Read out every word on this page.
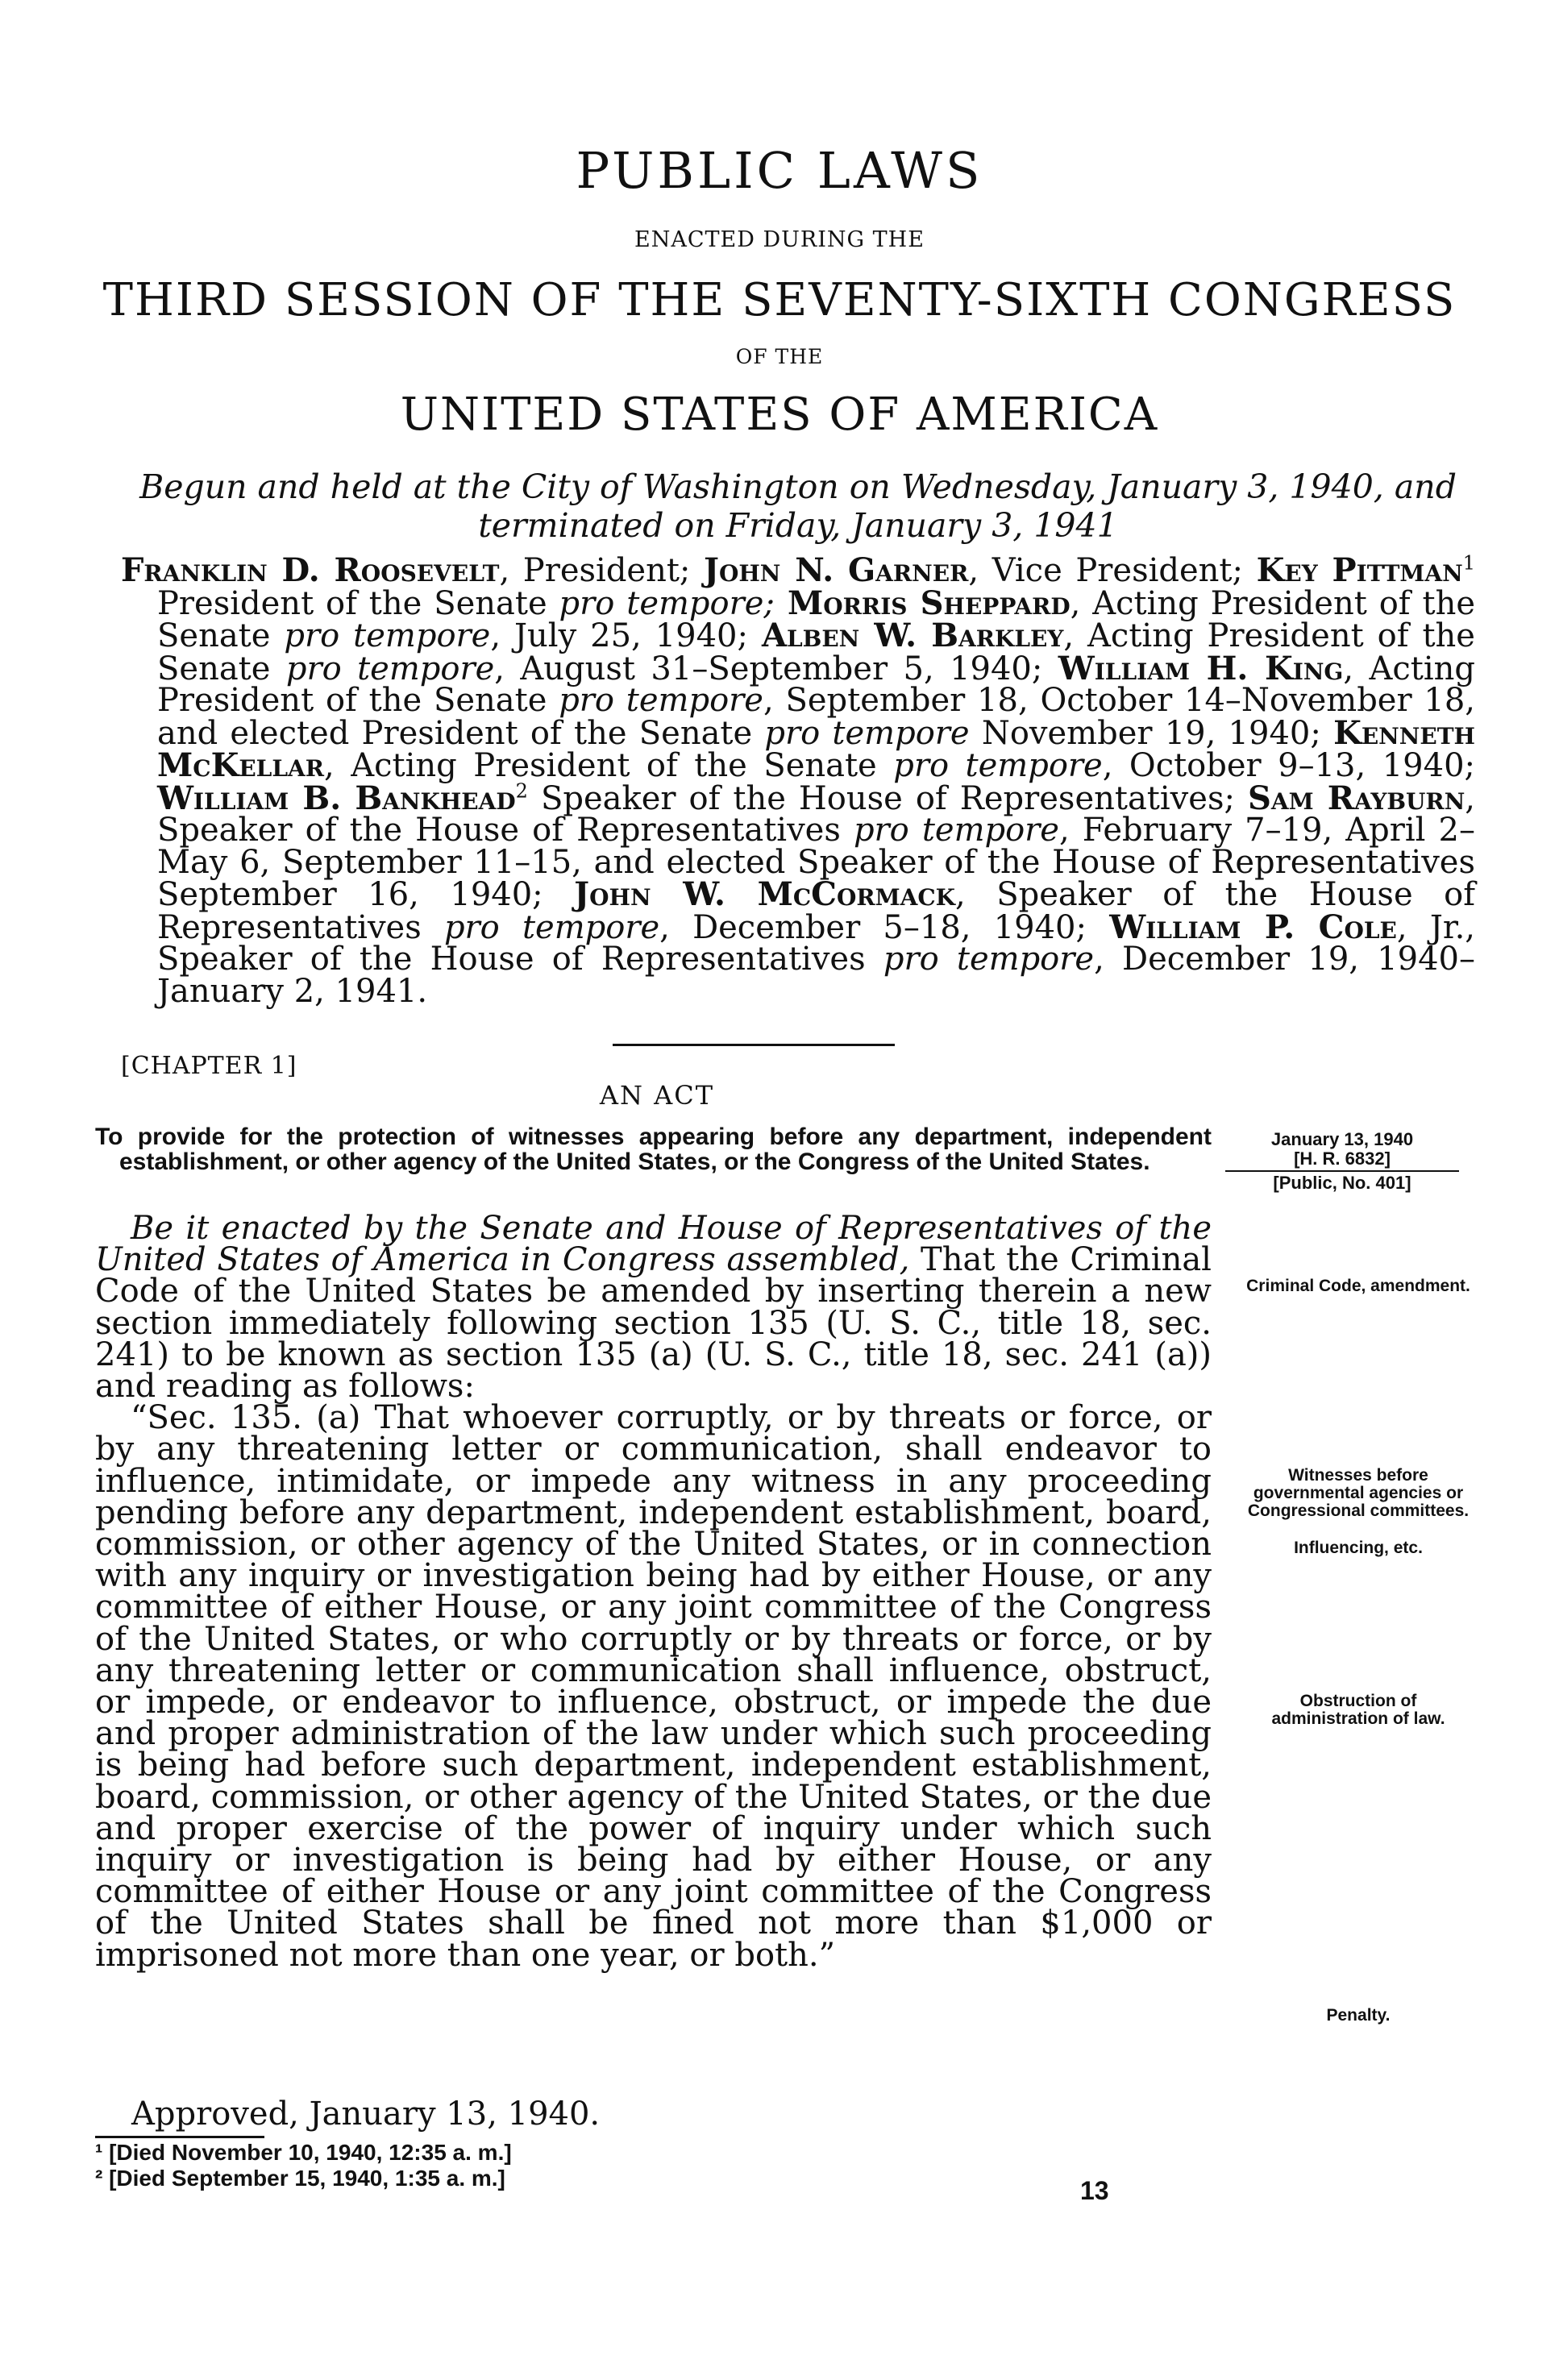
PUBLIC LAWS
ENACTED DURING THE
THIRD SESSION OF THE SEVENTY-SIXTH CONGRESS
OF THE
UNITED STATES OF AMERICA
Begun and held at the City of Washington on Wednesday, January 3, 1940, and terminated on Friday, January 3, 1941
Franklin D. Roosevelt, President; John N. Garner, Vice President; Key Pittman$^1$ President of the Senate pro tempore; Morris Sheppard, Acting President of the Senate pro tempore, July 25, 1940; Alben W. Barkley, Acting President of the Senate pro tempore, August 31–September 5, 1940; William H. King, Acting President of the Senate pro tempore, September 18, October 14–November 18, and elected President of the Senate pro tempore November 19, 1940; Kenneth McKellar, Acting President of the Senate pro tempore, October 9–13, 1940; William B. Bankhead$^2$ Speaker of the House of Representatives; Sam Rayburn, Speaker of the House of Representatives pro tempore, February 7–19, April 2–May 6, September 11–15, and elected Speaker of the House of Representatives September 16, 1940; John W. McCormack, Speaker of the House of Representatives pro tempore, December 5–18, 1940; William P. Cole, Jr., Speaker of the House of Representatives pro tempore, December 19, 1940–January 2, 1941.
[CHAPTER 1]
AN ACT
January 13, 1940
[H. R. 6832]
[Public, No. 401]
To provide for the protection of witnesses appearing before any department, independent establishment, or other agency of the United States, or the Congress of the United States.

Be it enacted by the Senate and House of Representatives of the United States of America in Congress assembled, That the Criminal Code of the United States be amended by inserting therein a new section immediately following section 135 (U. S. C., title 18, sec. 241) to be known as section 135 (a) (U. S. C., title 18, sec. 241 (a)) and reading as follows:

“Sec. 135. (a) That whoever corruptly, or by threats or force, or by any threatening letter or communication, shall endeavor to influence, intimidate, or impede any witness in any proceeding pending before any department, independent establishment, board, commission, or other agency of the United States, or in connection with any inquiry or investigation being had by either House, or any committee of either House, or any joint committee of the Congress of the United States, or who corruptly or by threats or force, or by any threatening letter or communication shall influence, obstruct, or impede, or endeavor to influence, obstruct, or impede the due and proper administration of the law under which such proceeding is being had before such department, independent establishment, board, commission, or other agency of the United States, or the due and proper exercise of the power of inquiry under which such inquiry or investigation is being had by either House, or any committee of either House or any joint committee of the Congress of the United States shall be fined not more than $1,000 or imprisoned not more than one year, or both.”

Criminal Code, amendment.
Witnesses before governmental agencies or Congressional committees.
Influencing, etc.
Obstruction of administration of law.
Penalty.
Approved, January 13, 1940.
¹ [Died November 10, 1940, 12:35 a. m.]
² [Died September 15, 1940, 1:35 a. m.]	13
